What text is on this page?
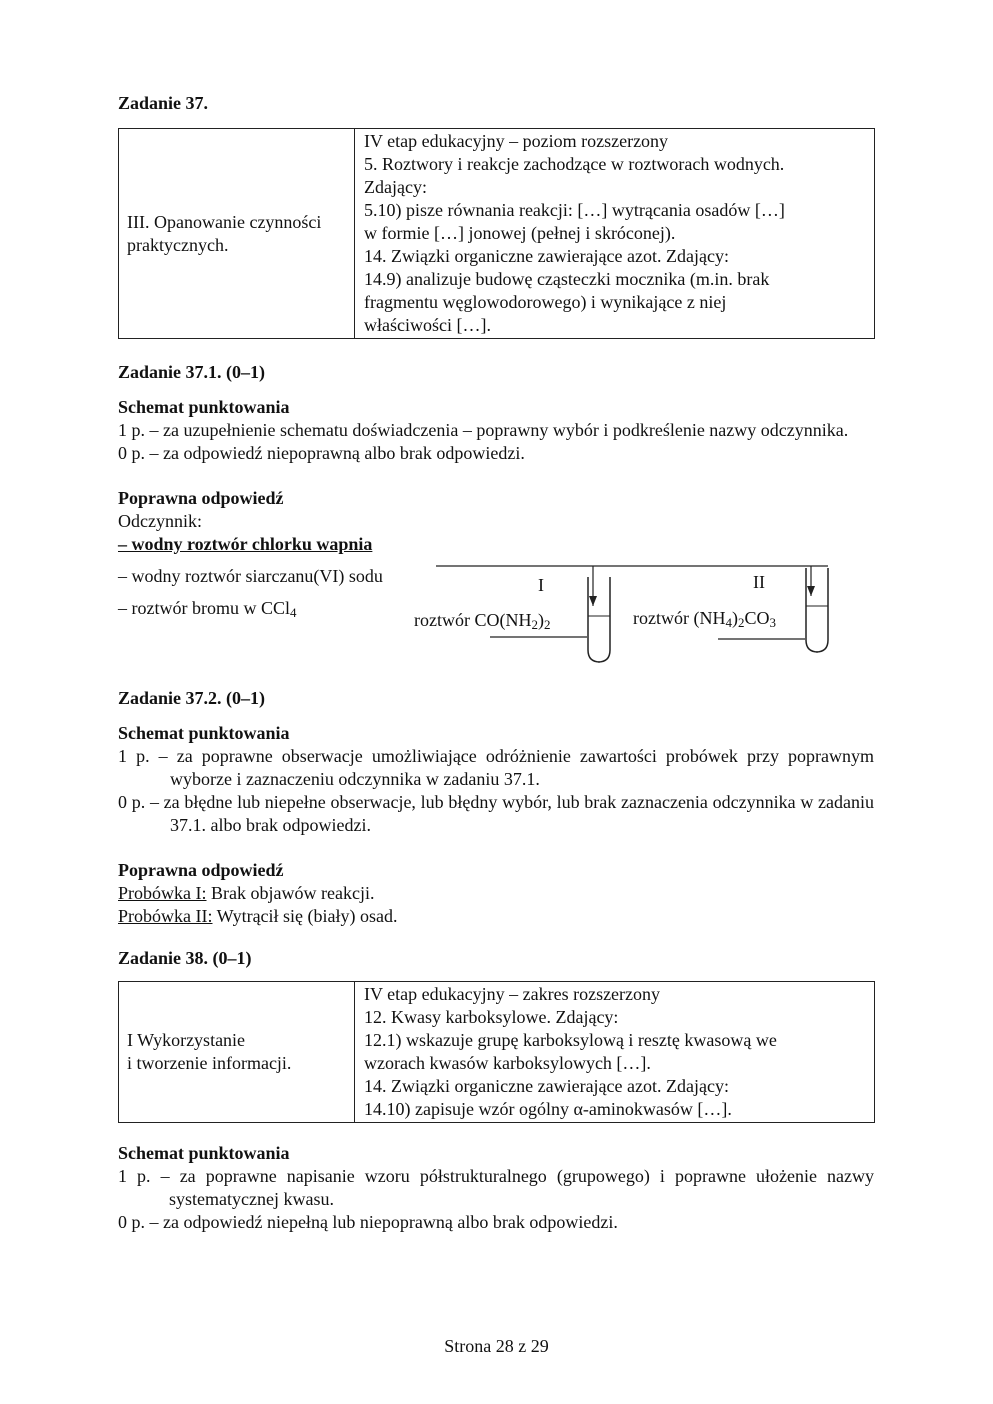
Zadanie 37.
III. Opanowanie czynności
praktycznych.

IV etap edukacyjny – poziom rozszerzony
5. Roztwory i reakcje zachodzące w roztworach wodnych.
Zdający:
5.10) pisze równania reakcji: […] wytrącania osadów […]
w formie […] jonowej (pełnej i skróconej).
14. Związki organiczne zawierające azot. Zdający:
14.9) analizuje budowę cząsteczki mocznika (m.in. brak
fragmentu węglowodorowego) i wynikające z niej
właściwości […].
Zadanie 37.1. (0–1)
Schemat punktowania
1 p. – za uzupełnienie schematu doświadczenia – poprawny wybór i podkreślenie nazwy odczynnika.
0 p. – za odpowiedź niepoprawną albo brak odpowiedzi.
Poprawna odpowiedź
Odczynnik:
– wodny roztwór chlorku wapnia
– wodny roztwór siarczanu(VI) sodu
– roztwór bromu w CCl$_4$
I	II
roztwór $CO(NH_2)_2$	roztwór $(NH_4)_2CO_3$
Zadanie 37.2. (0–1)
Schemat punktowania
1 p. – za poprawne obserwacje umożliwiające odróżnienie zawartości probówek przy poprawnym wyborze i zaznaczeniu odczynnika w zadaniu 37.1.
0 p. – za błędne lub niepełne obserwacje, lub błędny wybór, lub brak zaznaczenia odczynnika w zadaniu 37.1. albo brak odpowiedzi.
Poprawna odpowiedź
Probówka I: Brak objawów reakcji.
Probówka II: Wytrącił się (biały) osad.
Zadanie 38. (0–1)
I Wykorzystanie
i tworzenie informacji.

IV etap edukacyjny – zakres rozszerzony
12. Kwasy karboksylowe. Zdający:
12.1) wskazuje grupę karboksylową i resztę kwasową we
wzorach kwasów karboksylowych […].
14. Związki organiczne zawierające azot. Zdający:
14.10) zapisuje wzór ogólny α-aminokwasów […].
Schemat punktowania
1 p. – za poprawne napisanie wzoru półstrukturalnego (grupowego) i poprawne ułożenie nazwy systematycznej kwasu.
0 p. – za odpowiedź niepełną lub niepoprawną albo brak odpowiedzi.
Strona 28 z 29
